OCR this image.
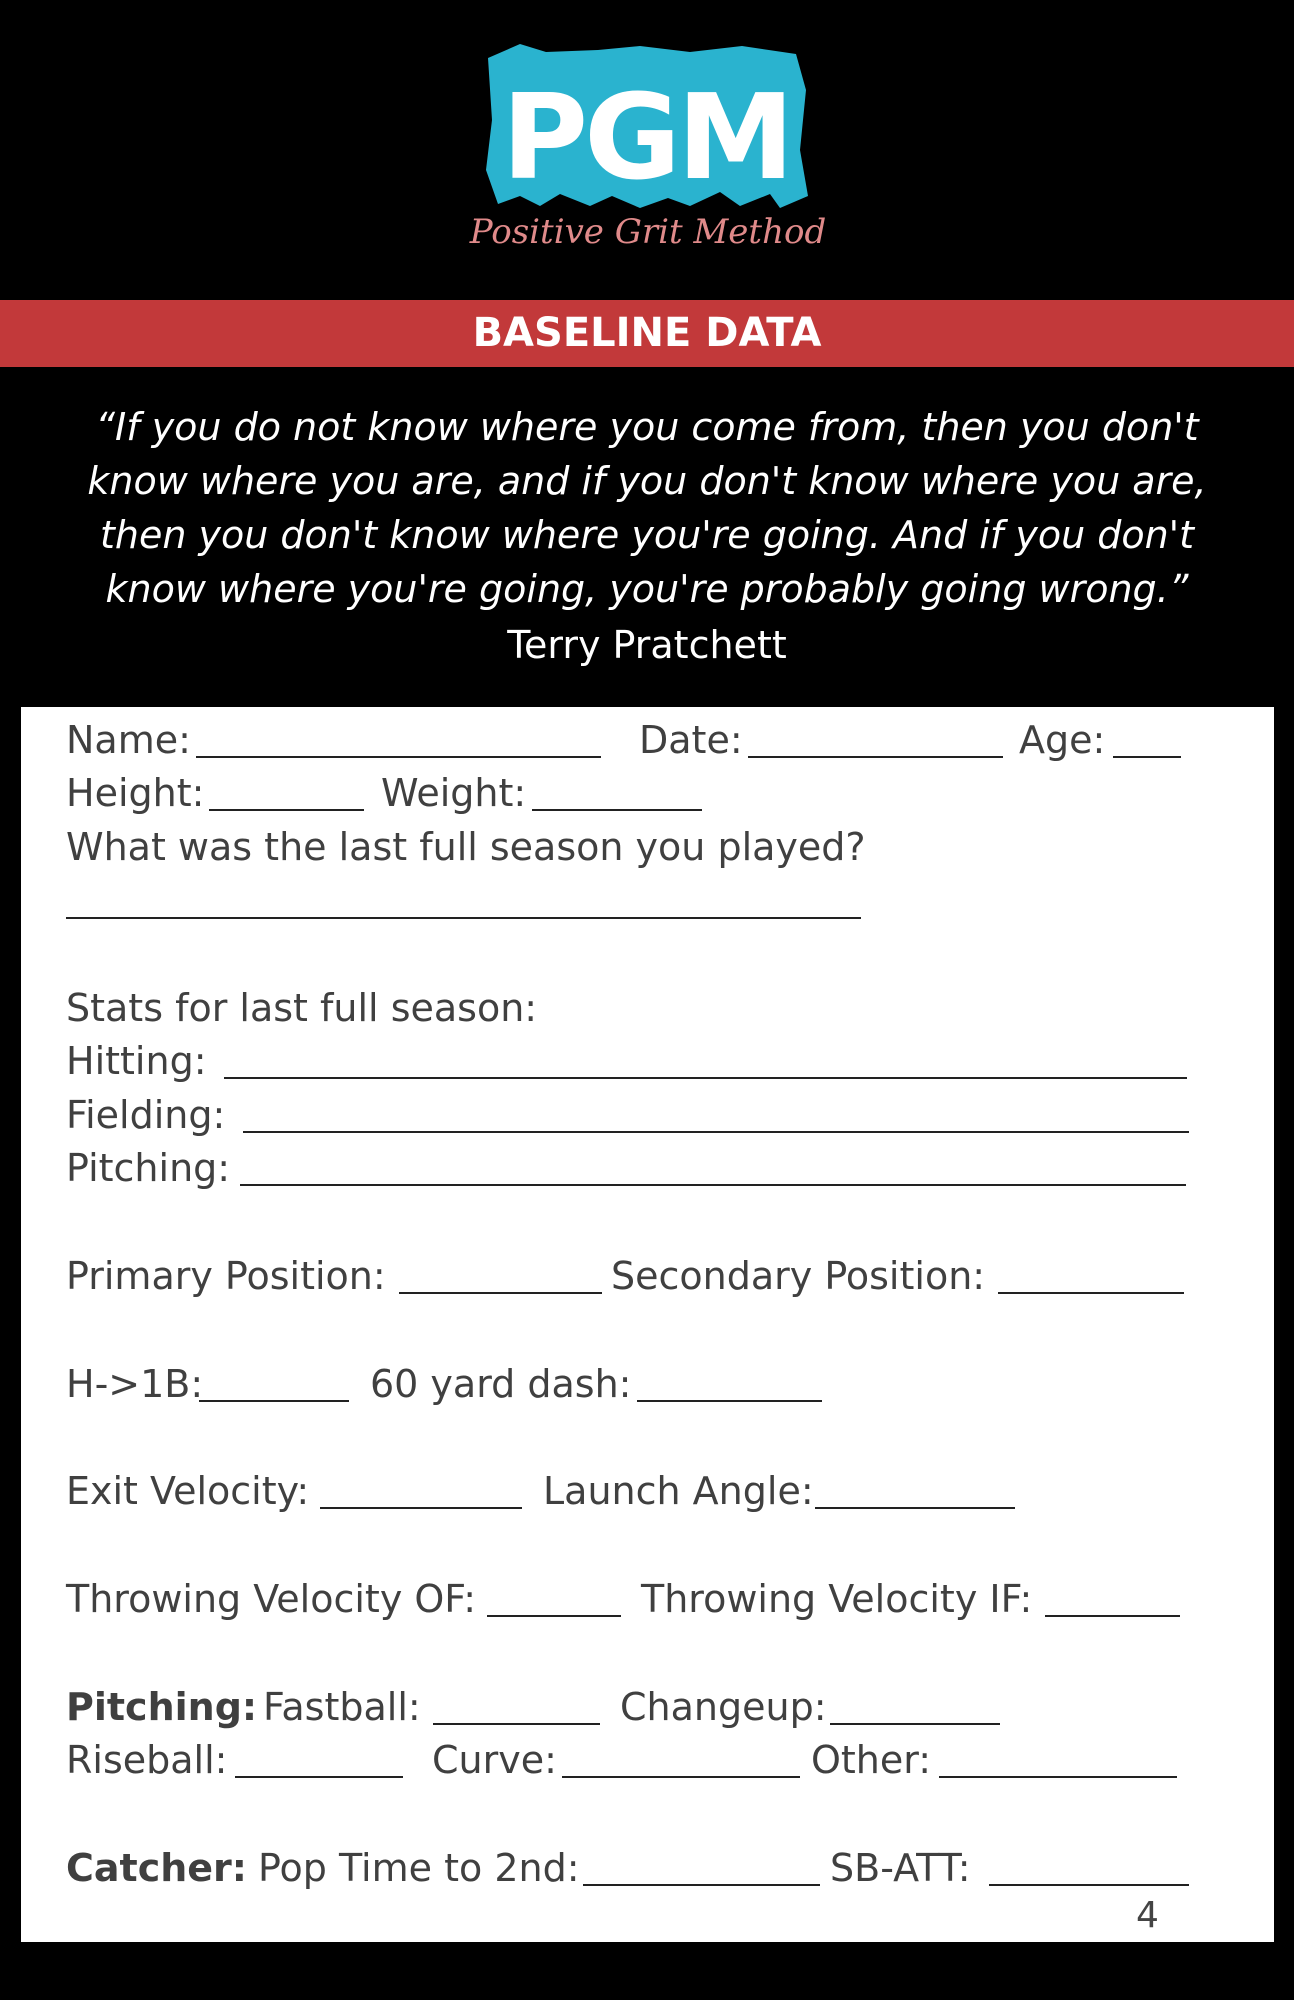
PGM
Positive Grit Method
BASELINE DATA
“If you do not know where you come from, then you don't
know where you are, and if you don't know where you are,
then you don't know where you're going. And if you don't
know where you're going, you're probably going wrong.”
Terry Pratchett
Name:	Date:	Age:
Height:	Weight:
What was the last full season you played?
Stats for last full season:
Hitting:
Fielding:
Pitching:
Primary Position:	Secondary Position:
H->1B:	60 yard dash:
Exit Velocity:	Launch Angle:
Throwing Velocity OF:	Throwing Velocity IF:
Pitching: Fastball:	Changeup:
Riseball:	Curve:	Other:
Catcher: Pop Time to 2nd:	SB-ATT:
4
